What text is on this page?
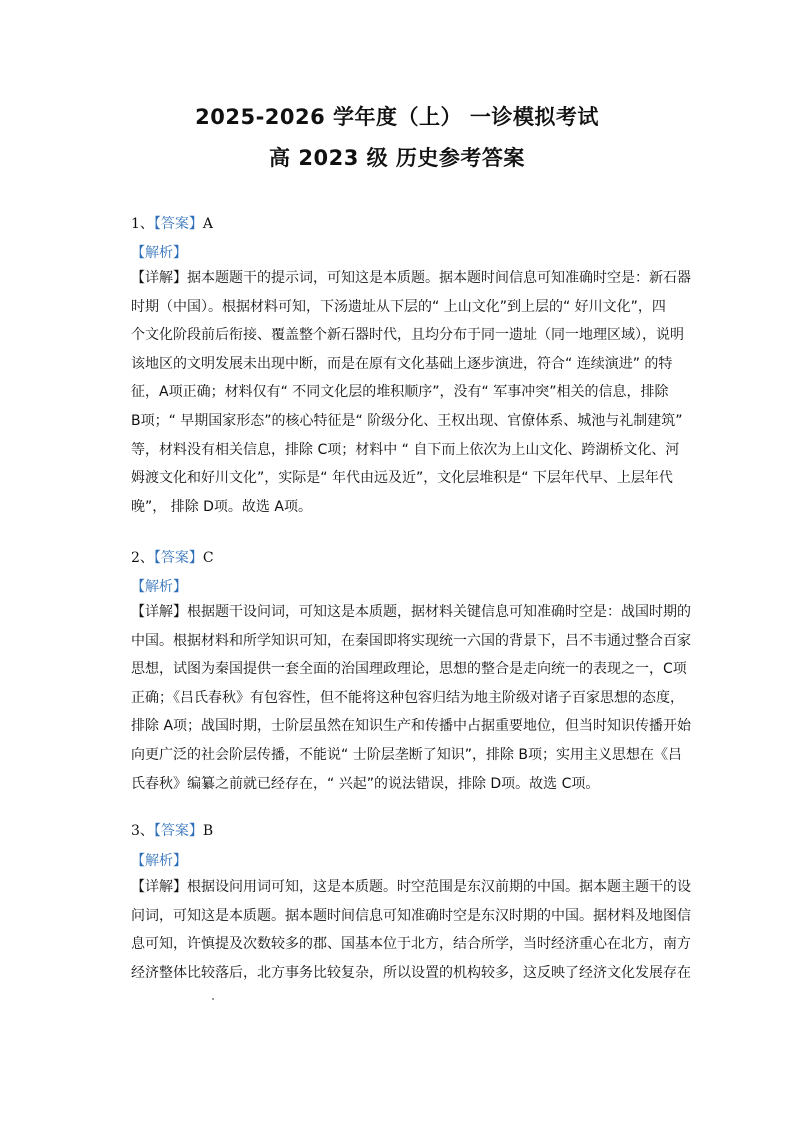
2025-2026 学年度（上） 一诊模拟考试
高 2023 级 历史参考答案
1、【答案】A
【解析】
【详解】据本题题干的提示词，可知这是本质题。据本题时间信息可知准确时空是：新石器
时期（中国）。根据材料可知，下汤遗址从下层的“ 上山文化”到上层的“ 好川文化”，四
个文化阶段前后衔接、覆盖整个新石器时代，且均分布于同一遗址（同一地理区域），说明
该地区的文明发展未出现中断，而是在原有文化基础上逐步演进，符合“ 连续演进” 的特
征，A项正确；材料仅有“ 不同文化层的堆积顺序”，没有“ 军事冲突”相关的信息，排除
B项；“ 早期国家形态”的核心特征是“ 阶级分化、王权出现、官僚体系、城池与礼制建筑”
等，材料没有相关信息，排除 C项；材料中 “ 自下而上依次为上山文化、跨湖桥文化、河
姆渡文化和好川文化”，实际是“ 年代由远及近”，文化层堆积是“ 下层年代早、上层年代
晚”， 排除 D项。故选 A项。
2、【答案】C
【解析】
【详解】根据题干设问词，可知这是本质题，据材料关键信息可知准确时空是：战国时期的
中国。根据材料和所学知识可知，在秦国即将实现统一六国的背景下，吕不韦通过整合百家
思想，试图为秦国提供一套全面的治国理政理论，思想的整合是走向统一的表现之一，C项
正确；《吕氏春秋》有包容性，但不能将这种包容归结为地主阶级对诸子百家思想的态度，
排除 A项；战国时期，士阶层虽然在知识生产和传播中占据重要地位，但当时知识传播开始
向更广泛的社会阶层传播，不能说“ 士阶层垄断了知识”，排除 B项；实用主义思想在《吕
氏春秋》编纂之前就已经存在，“ 兴起”的说法错误，排除 D项。故选 C项。
3、【答案】B
【解析】
【详解】根据设问用词可知，这是本质题。时空范围是东汉前期的中国。据本题主题干的设
问词，可知这是本质题。据本题时间信息可知准确时空是东汉时期的中国。据材料及地图信
息可知，许慎提及次数较多的郡、国基本位于北方，结合所学，当时经济重心在北方，南方
经济整体比较落后，北方事务比较复杂，所以设置的机构较多，这反映了经济文化发展存在
